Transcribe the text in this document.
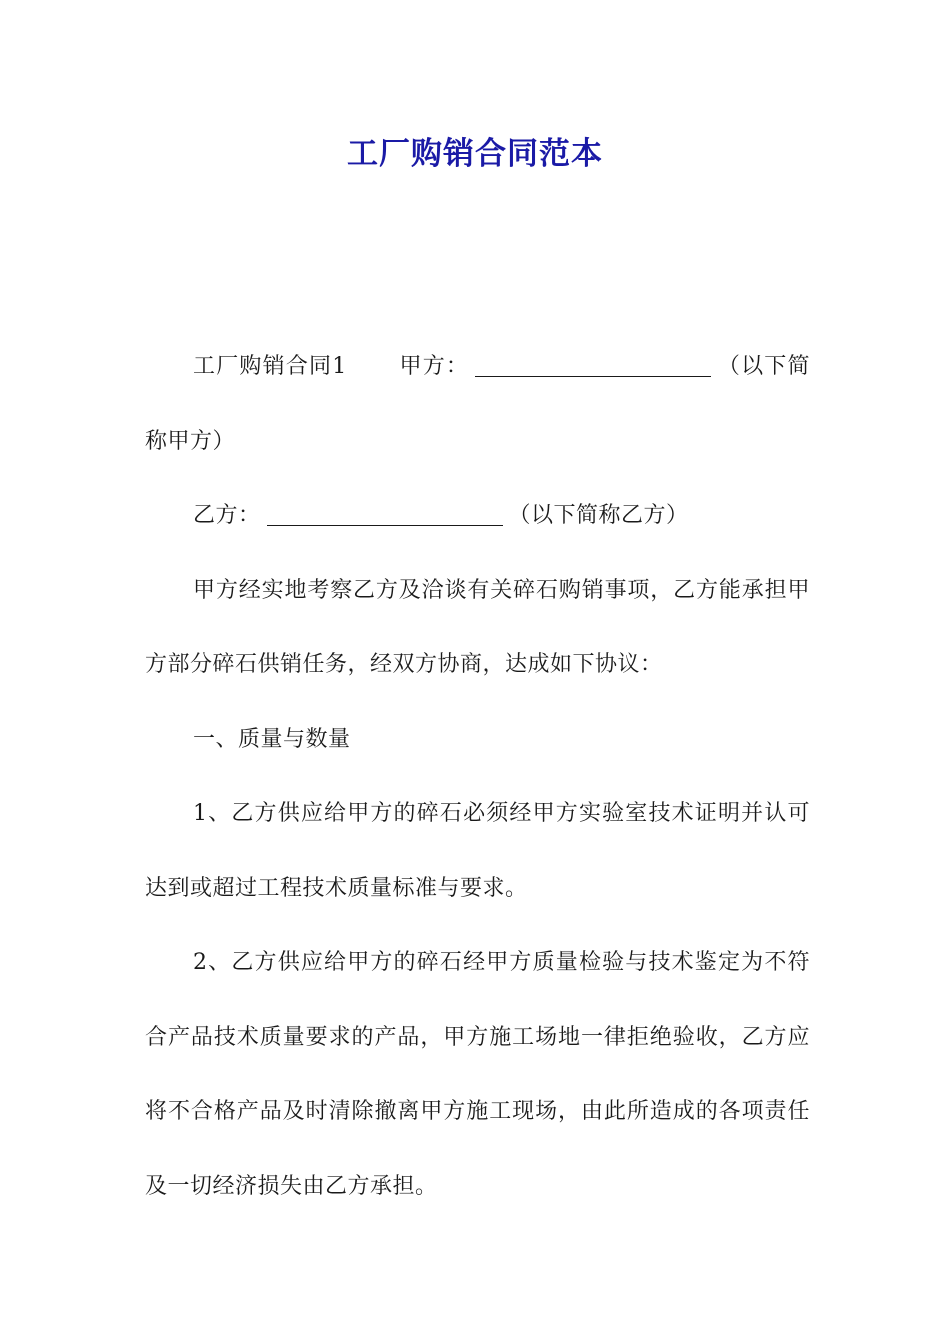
工厂购销合同范本

工厂购销合同1 甲方：	（以下简称甲方）

乙方：	（以下简称乙方）

甲方经实地考察乙方及洽谈有关碎石购销事项，乙方能承担甲方部分碎石供销任务，经双方协商，达成如下协议：

一、质量与数量

1、乙方供应给甲方的碎石必须经甲方实验室技术证明并认可达到或超过工程技术质量标准与要求。

2、乙方供应给甲方的碎石经甲方质量检验与技术鉴定为不符合产品技术质量要求的产品，甲方施工场地一律拒绝验收，乙方应将不合格产品及时清除撤离甲方施工现场，由此所造成的各项责任及一切经济损失由乙方承担。
